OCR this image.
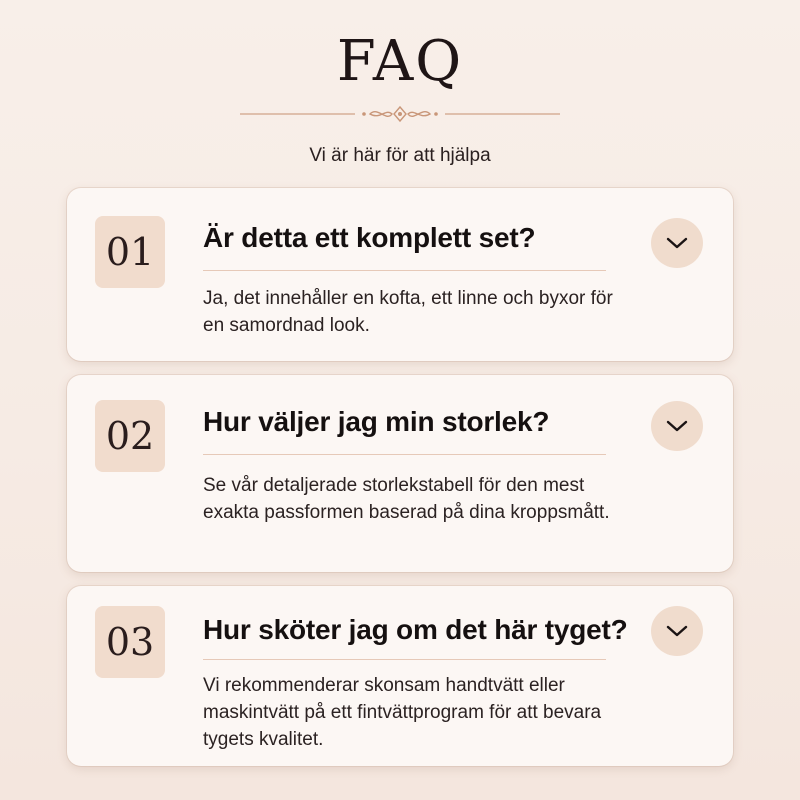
FAQ
Vi är här för att hjälpa
01	Är detta ett komplett set?
Ja, det innehåller en kofta, ett linne och byxor för en samordnad look.
02	Hur väljer jag min storlek?
Se vår detaljerade storlekstabell för den mest exakta passformen baserad på dina kroppsmått.
03	Hur sköter jag om det här tyget?
Vi rekommenderar skonsam handtvätt eller maskintvätt på ett fintvättprogram för att bevara tygets kvalitet.
